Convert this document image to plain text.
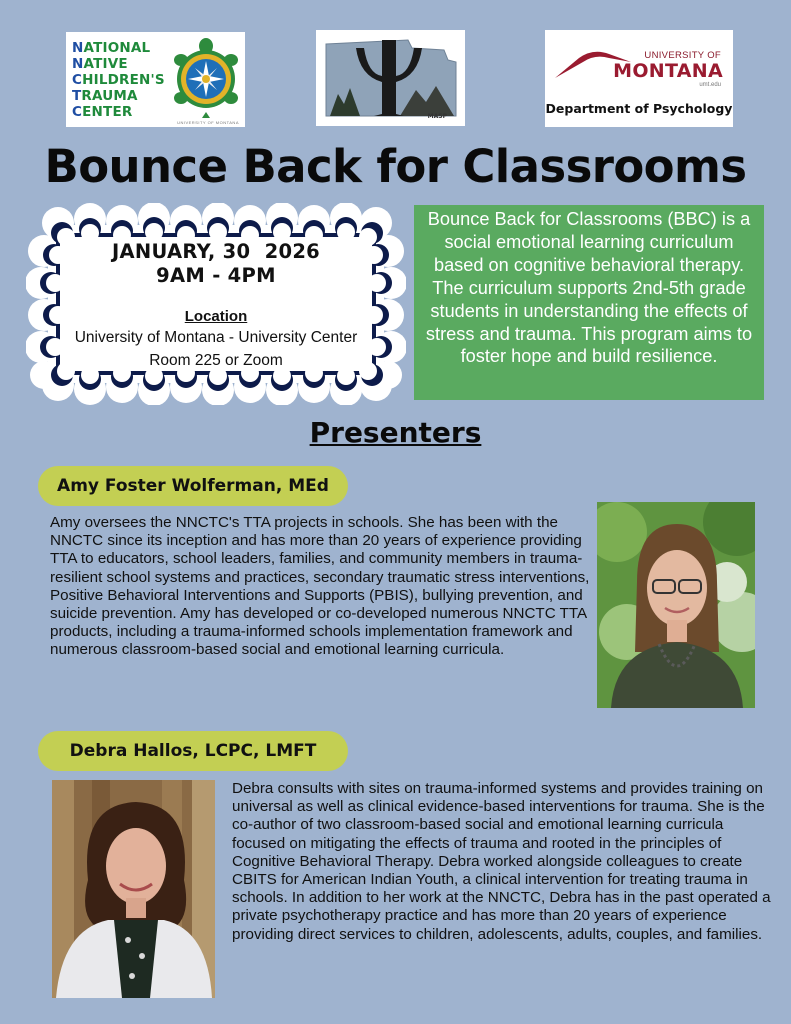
NATIONAL
NATIVE
CHILDREN'S
TRAUMA
CENTER
UNIVERSITY OF MONTANA
MASP
UNIVERSITY OF
MONTANA
umt.edu
Department of Psychology
Bounce Back for Classrooms
JANUARY, 30  2026
9AM - 4PM
Location
University of Montana - University Center
Room 225 or Zoom
Bounce Back for Classrooms (BBC) is a social emotional learning curriculum based on cognitive behavioral therapy. The curriculum supports 2nd-5th grade students in understanding the effects of stress and trauma. This program aims to foster hope and build resilience.
Presenters
Amy Foster Wolferman, MEd
Amy oversees the NNCTC's TTA projects in schools. She has been with the NNCTC since its inception and has more than 20 years of experience providing TTA to educators, school leaders, families, and community members in trauma-resilient school systems and practices, secondary traumatic stress interventions, Positive Behavioral Interventions and Supports (PBIS), bullying prevention, and suicide prevention. Amy has developed or co-developed numerous NNCTC TTA products, including a trauma-informed schools implementation framework and numerous classroom-based social and emotional learning curricula.
Debra Hallos, LCPC, LMFT
Debra consults with sites on trauma-informed systems and provides training on universal as well as clinical evidence-based interventions for trauma. She is the co-author of two classroom-based social and emotional learning curricula focused on mitigating the effects of trauma and rooted in the principles of Cognitive Behavioral Therapy. Debra worked alongside colleagues to create CBITS for American Indian Youth, a clinical intervention for treating trauma in schools. In addition to her work at the NNCTC, Debra has in the past operated a private psychotherapy practice and has more than 20 years of experience providing direct services to children, adolescents, adults, couples, and families.
